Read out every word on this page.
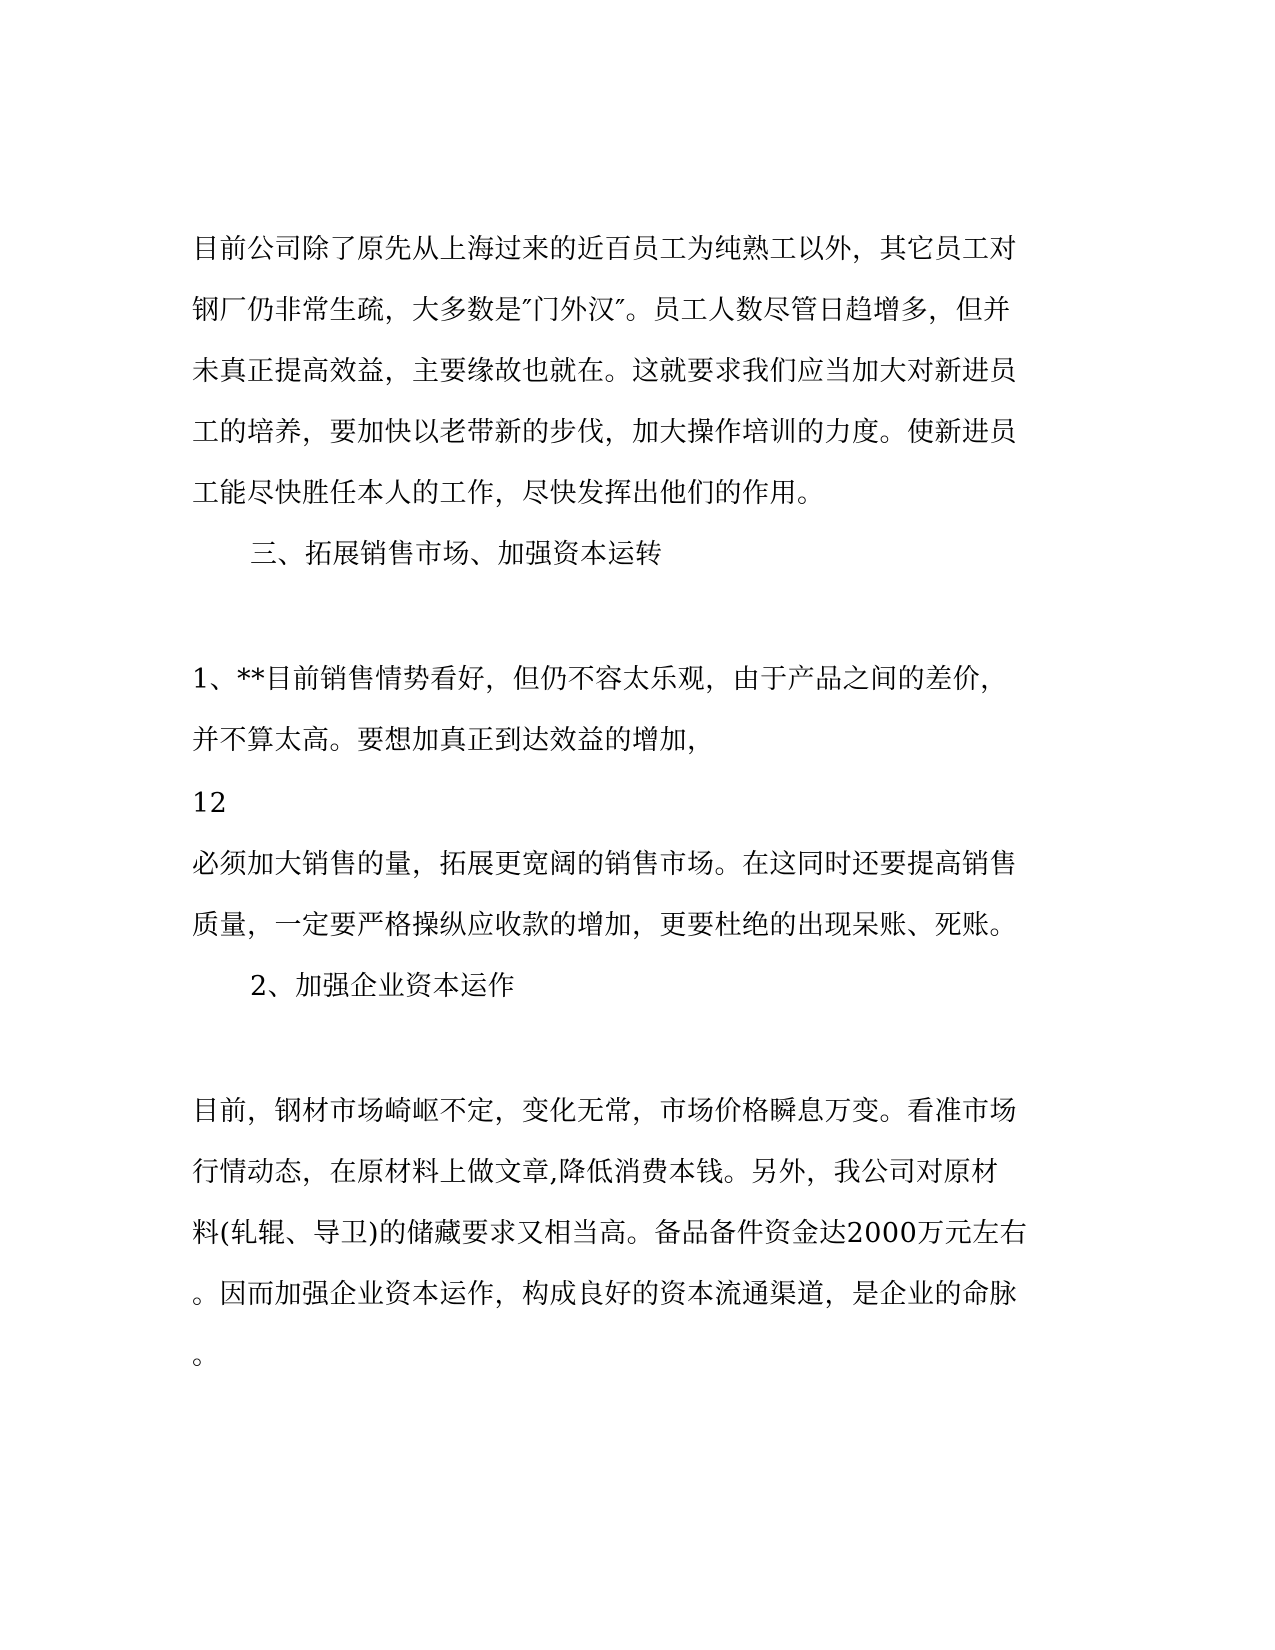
目前公司除了原先从上海过来的近百员工为纯熟工以外，其它员工对
钢厂仍非常生疏，大多数是″门外汉″。员工人数尽管日趋增多，但并
未真正提高效益，主要缘故也就在。这就要求我们应当加大对新进员
工的培养，要加快以老带新的步伐，加大操作培训的力度。使新进员
工能尽快胜任本人的工作，尽快发挥出他们的作用。
三、拓展销售市场、加强资本运转
1、**目前销售情势看好，但仍不容太乐观，由于产品之间的差价，
并不算太高。要想加真正到达效益的增加，
12
必须加大销售的量，拓展更宽阔的销售市场。在这同时还要提高销售
质量，一定要严格操纵应收款的增加，更要杜绝的出现呆账、死账。
2、加强企业资本运作
目前，钢材市场崎岖不定，变化无常，市场价格瞬息万变。看准市场
行情动态，在原材料上做文章,降低消费本钱。另外，我公司对原材
料(轧辊、导卫)的储藏要求又相当高。备品备件资金达2000万元左右
。因而加强企业资本运作，构成良好的资本流通渠道，是企业的命脉
。
